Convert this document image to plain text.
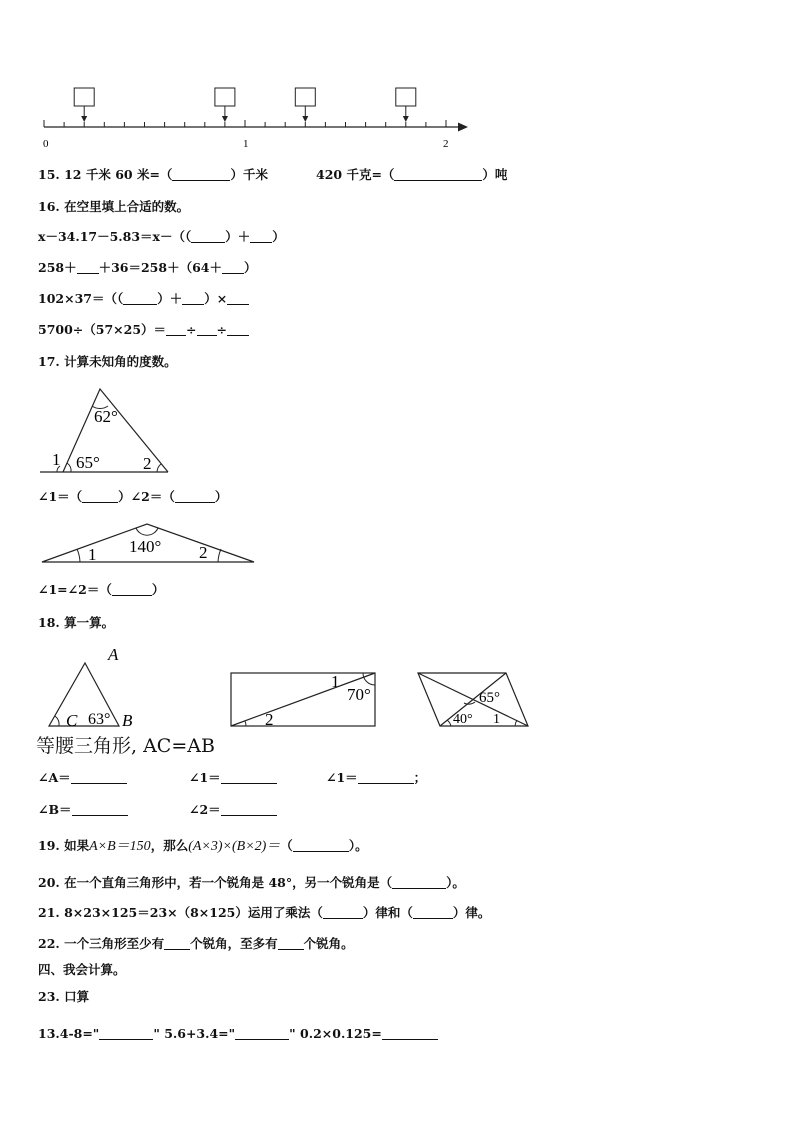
0	1	2
15. 12 千米 60 米=（	）千米	420 千克=（	）吨
16. 在空里填上合适的数。
x－34.17－5.83＝x－（（	）＋ ）
258＋ ＋36＝258＋（64＋ ）
102×37＝（（	）＋ ）×
5700÷（57×25）＝ ÷ ÷
17. 计算未知角的度数。
62°
65°
1	2
∠1＝（	）∠2＝（	）
140°
1	2
∠1=∠2＝（	）
18. 算一算。
A
B
C 63°
70°
1
2
65°
40° 1
等腰三角形, AC=AB
∠A＝	∠1＝	∠1＝	；
∠B＝	∠2＝
19. 如果A×B＝150，那么(A×3)×(B×2)＝（	）。
20. 在一个直角三角形中，若一个锐角是 48°，另一个锐角是（	）。
21. 8×23×125＝23×（8×125）运用了乘法（	）律和（	）律。
22. 一个三角形至少有 个锐角，至多有 个锐角。
四、我会计算。
23. 口算
13.4-8="	" 5.6+3.4="	" 0.2×0.125=
